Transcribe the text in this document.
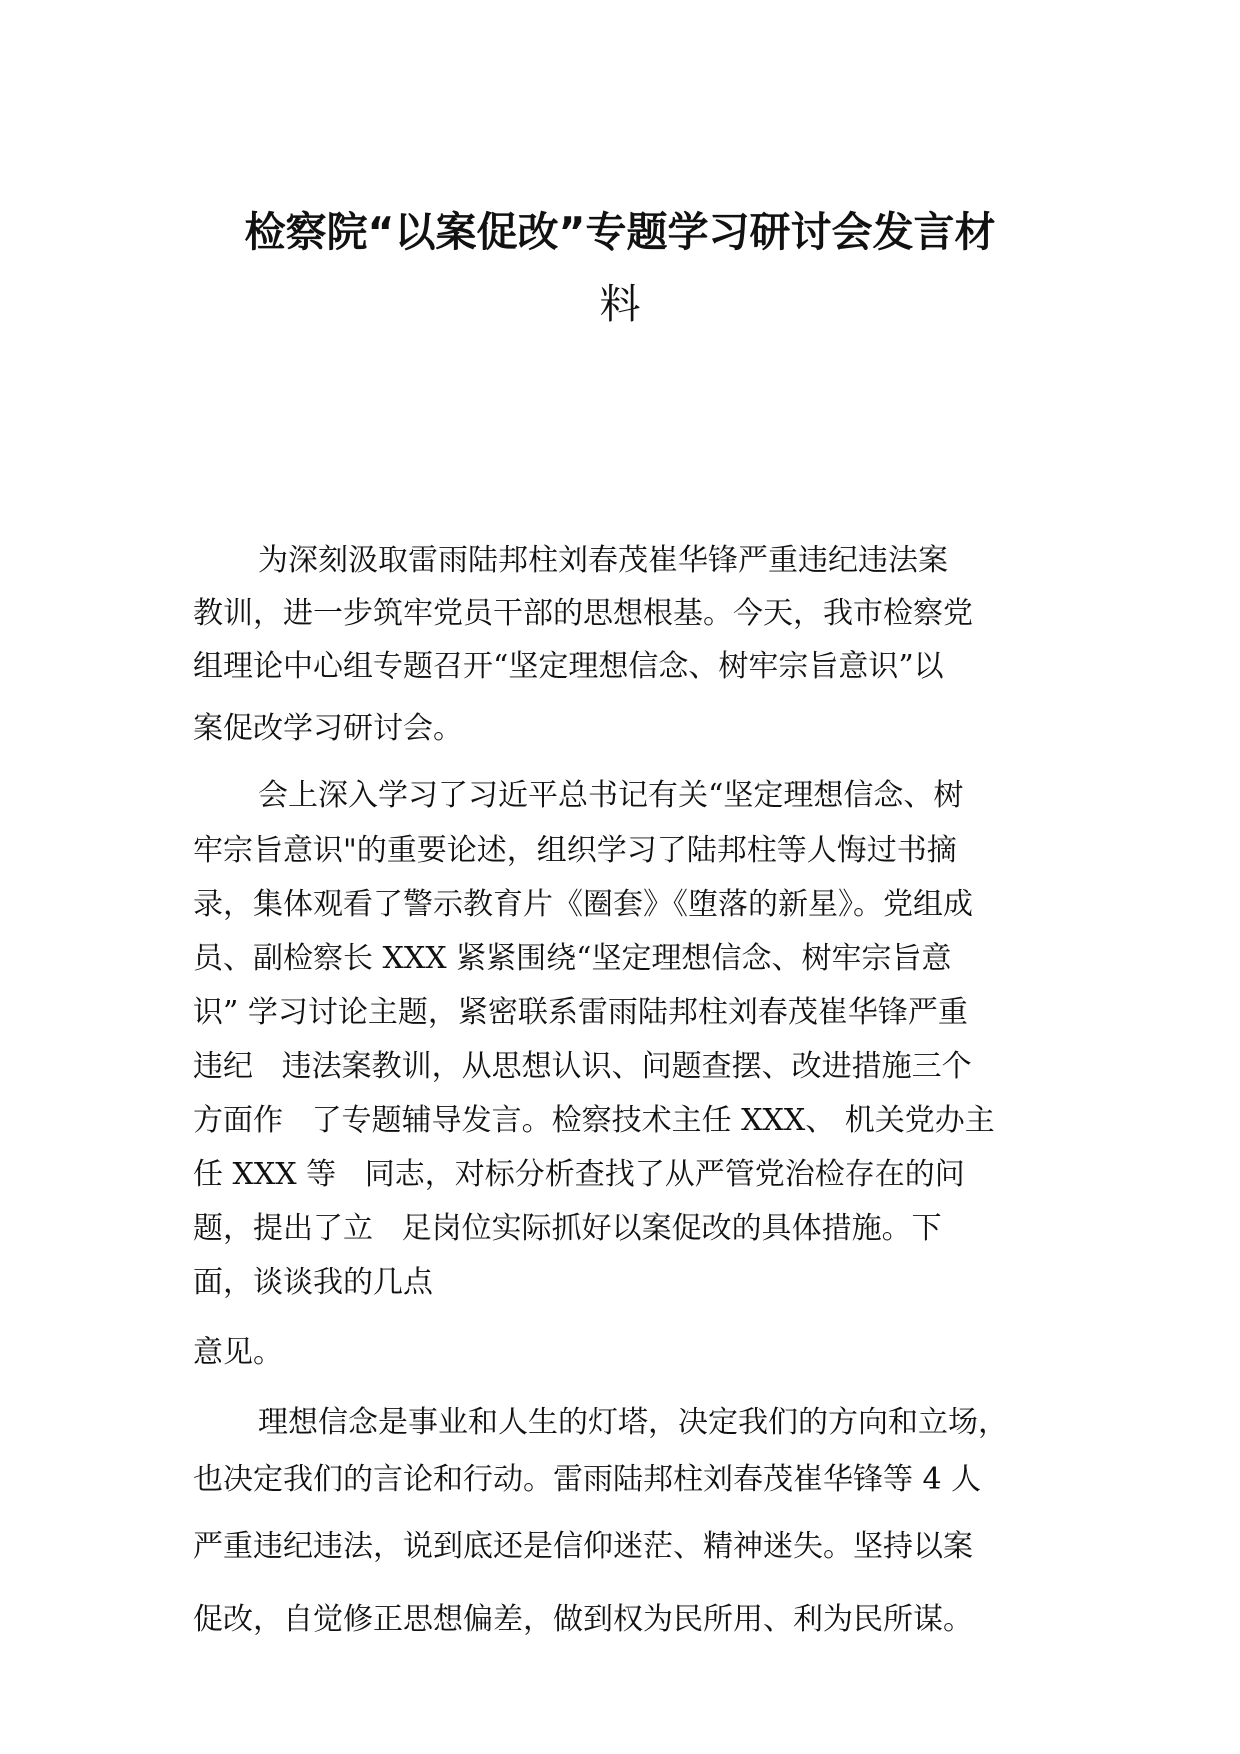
检察院“以案促改”专题学习研讨会发言材
料
为深刻汲取雷雨陆邦柱刘春茂崔华锋严重违纪违法案
教训，进一步筑牢党员干部的思想根基。今天，我市检察党
组理论中心组专题召开“坚定理想信念、树牢宗旨意识”以
案促改学习研讨会。
会上深入学习了习近平总书记有关“坚定理想信念、树
牢宗旨意识"的重要论述，组织学习了陆邦柱等人悔过书摘
录，集体观看了警示教育片《圈套》《堕落的新星》。党组成
员、副检察长 XXX 紧紧围绕“坚定理想信念、树牢宗旨意
识” 学习讨论主题，紧密联系雷雨陆邦柱刘春茂崔华锋严重
违纪   违法案教训，从思想认识、问题查摆、改进措施三个
方面作   了专题辅导发言。检察技术主任 XXX、 机关党办主
任 XXX 等   同志，对标分析查找了从严管党治检存在的问
题，提出了立   足岗位实际抓好以案促改的具体措施。下
面，谈谈我的几点
意见。
理想信念是事业和人生的灯塔，决定我们的方向和立场，
也决定我们的言论和行动。雷雨陆邦柱刘春茂崔华锋等 4 人
严重违纪违法，说到底还是信仰迷茫、精神迷失。坚持以案
促改，自觉修正思想偏差，做到权为民所用、利为民所谋。
